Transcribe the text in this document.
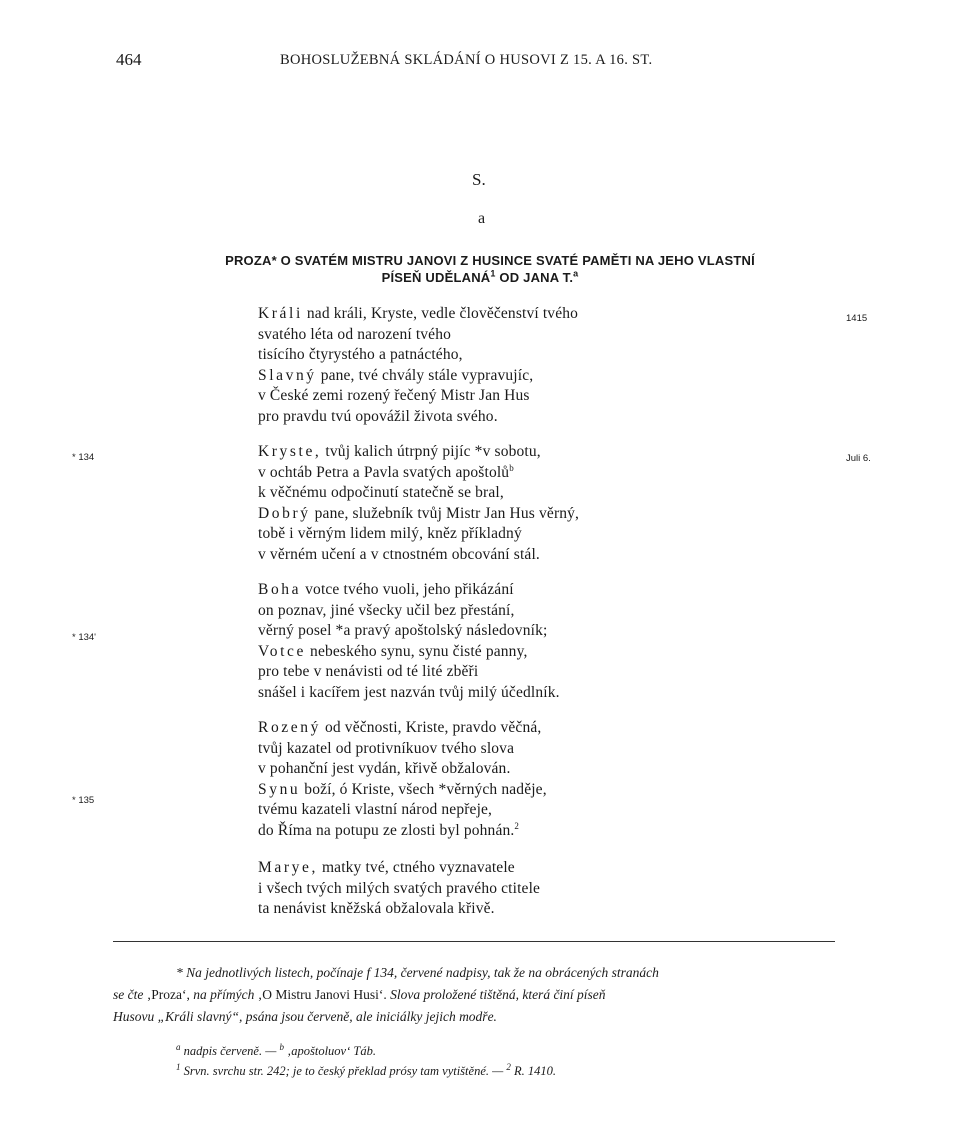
464	BOHOSLUŽEBNÁ SKLÁDÁNÍ O HUSOVI Z 15. A 16. ST.
S.
a
PROZA* O SVATÉM MISTRU JANOVI Z HUSINCE SVATÉ PAMĚTI NA JEHO VLASTNÍ
PÍSEŇ UDĚLANÁ$^1$ OD JANA T.$^a$
1415
Juli 6.
* 134
* 134'
* 135
Králi nad králi, Kryste, vedle člověčenství tvého
svatého léta od narození tvého
tisícího čtyrystého a patnáctého,
Slavný pane, tvé chvály stále vypravujíc,
v České zemi rozený řečený Mistr Jan Hus
pro pravdu tvú opovážil života svého.
Kryste, tvůj kalich útrpný pijíc *v sobotu,
v ochtáb Petra a Pavla svatých apoštolů$^b$
k věčnému odpočinutí statečně se bral,
Dobrý pane, služebník tvůj Mistr Jan Hus věrný,
tobě i věrným lidem milý, kněz příkladný
v věrném učení a v ctnostném obcování stál.
Boha votce tvého vuoli, jeho přikázání
on poznav, jiné všecky učil bez přestání,
věrný posel *a pravý apoštolský následovník;
Votce nebeského synu, synu čisté panny,
pro tebe v nenávisti od té lité zběři
snášel i kacířem jest nazván tvůj milý účedlník.
Rozený od věčnosti, Kriste, pravdo věčná,
tvůj kazatel od protivníkuov tvého slova
v pohanční jest vydán, křivě obžalován.
Synu boží, ó Kriste, všech *věrných naděje,
tvému kazateli vlastní národ nepřeje,
do Říma na potupu ze zlosti byl pohnán.$^2$
Marye, matky tvé, ctného vyznavatele
i všech tvých milých svatých pravého ctitele
ta nenávist kněžská obžalovala křivě.
* Na jednotlivých listech, počínaje f 134, červené nadpisy, tak že na obrácených stranách
se čte ‚Proza‘, na přímých ‚O Mistru Janovi Husi‘. Slova proložené tištěná, která činí píseň
Husovu „Králi slavný“, psána jsou červeně, ale iniciálky jejich modře.
$^a$ nadpis červeně. — $^b$ ‚apoštoluov‘ Táb.
$^1$ Srvn. svrchu str. 242; je to český překlad prósy tam vytištěné. — $^2$ R. 1410.
